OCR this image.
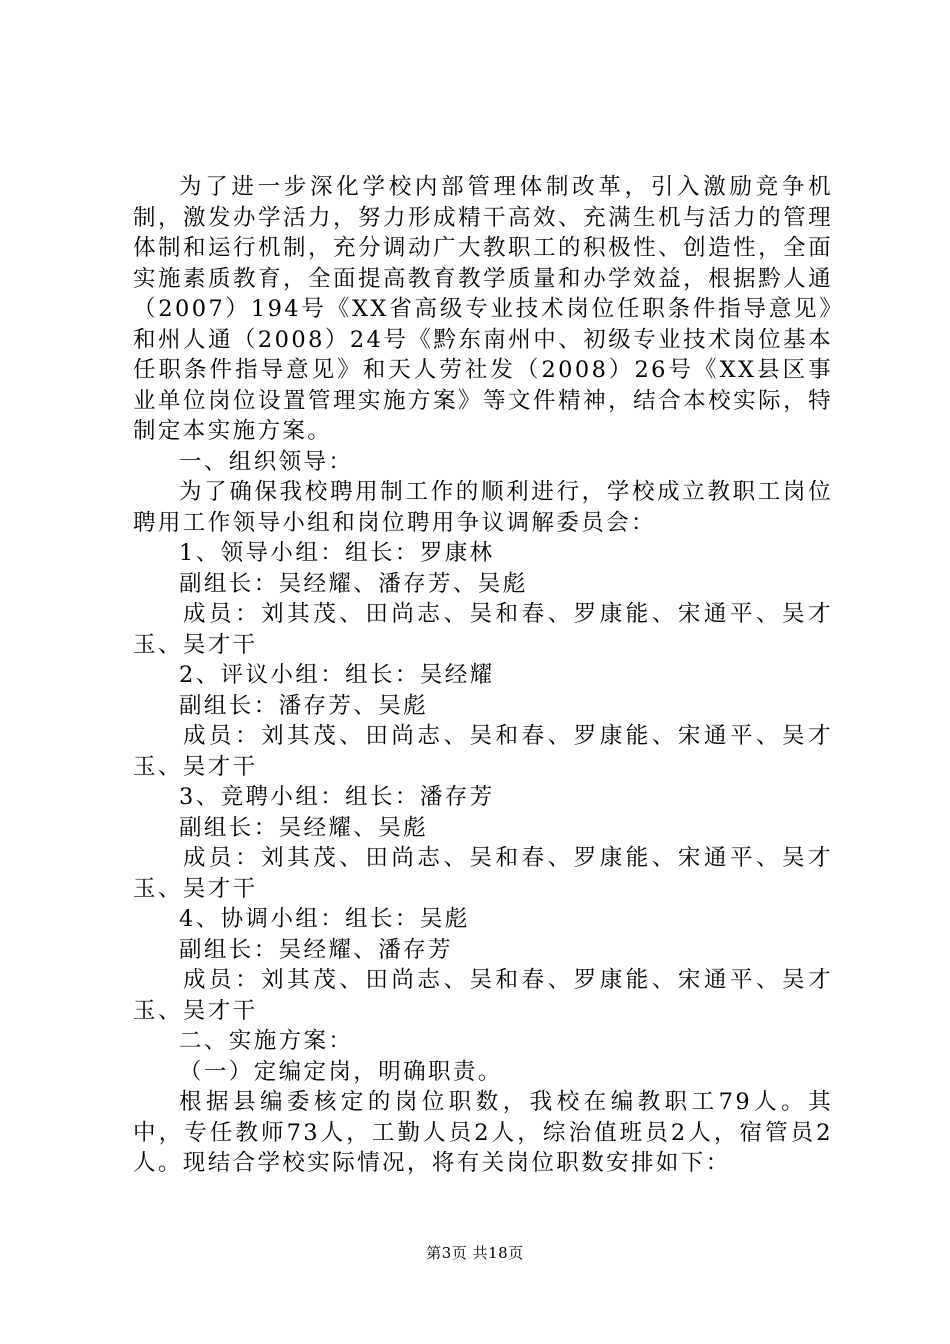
为了进一步深化学校内部管理体制改革，引入激励竞争机制，激发办学活力，努力形成精干高效、充满生机与活力的管理体制和运行机制，充分调动广大教职工的积极性、创造性，全面实施素质教育，全面提高教育教学质量和办学效益，根据黔人通（2007）194号《XX省高级专业技术岗位任职条件指导意见》和州人通（2008）24号《黔东南州中、初级专业技术岗位基本任职条件指导意见》和天人劳社发（2008）26号《XX县区事业单位岗位设置管理实施方案》等文件精神，结合本校实际，特制定本实施方案。

一、组织领导：

为了确保我校聘用制工作的顺利进行，学校成立教职工岗位聘用工作领导小组和岗位聘用争议调解委员会：

1、领导小组：组长：罗康林

副组长：吴经耀、潘存芳、吴彪

成员：刘其茂、田尚志、吴和春、罗康能、宋通平、吴才玉、吴才干

2、评议小组：组长：吴经耀

副组长：潘存芳、吴彪

成员：刘其茂、田尚志、吴和春、罗康能、宋通平、吴才玉、吴才干

3、竞聘小组：组长：潘存芳

副组长：吴经耀、吴彪

成员：刘其茂、田尚志、吴和春、罗康能、宋通平、吴才玉、吴才干

4、协调小组：组长：吴彪

副组长：吴经耀、潘存芳

成员：刘其茂、田尚志、吴和春、罗康能、宋通平、吴才玉、吴才干

二、实施方案：

（一）定编定岗，明确职责。

根据县编委核定的岗位职数，我校在编教职工79人。其中，专任教师73人，工勤人员2人，综治值班员2人，宿管员2人。现结合学校实际情况，将有关岗位职数安排如下：

第3页 共18页
